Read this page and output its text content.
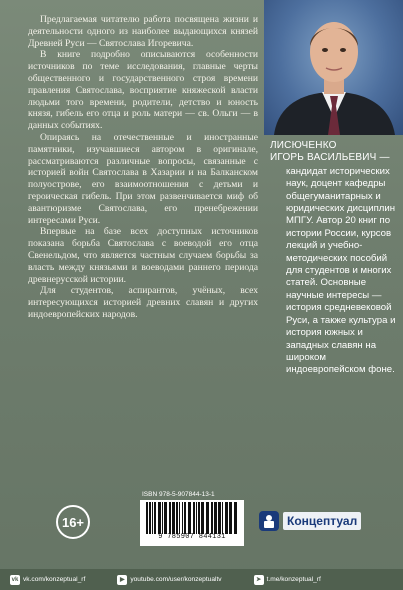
Предлагаемая читателю работа посвящена жизни и деятельности одного из наиболее выдающихся князей Древней Руси — Святослава Игоревича.

В книге подробно описываются особенности источников по теме исследования, главные черты общественного и государственного строя времени правления Святослава, восприятие княжеской власти людьми того времени, родители, детство и юность князя, гибель его отца и роль матери — св. Ольги — в данных событиях.

Опираясь на отечественные и иностранные памятники, изучавшиеся автором в оригинале, рассматриваются различные вопросы, связанные с историей войн Святослава в Хазарии и на Балканском полуострове, его взаимоотношения с детьми и героическая гибель. При этом развенчивается миф об авантюризме Святослава, его пренебрежении интересами Руси.

Впервые на базе всех доступных источников показана борьба Святослава с воеводой его отца Свенельдом, что является частным случаем борьбы за власть между князьями и воеводами раннего периода древнерусской истории.

Для студентов, аспирантов, учёных, всех интересующихся историей древних славян и других индоевропейских народов.

ЛИСЮЧЕНКО
ИГОРЬ ВАСИЛЬЕВИЧ —
кандидат исторических наук, доцент кафедры общегуманитарных и юридических дисциплин МПГУ. Автор 20 книг по истории России, курсов лекций и учебно-методических пособий для студентов и многих статей. Основные научные интересы — история средневековой Руси, а также культура и история южных и западных славян на широком индоевропейском фоне.
ISBN 978-5-907844-13-1
16+
9 785907 844131
Концептуал
vk vk.com/konzeptual_rf	▶ youtube.com/user/konzeptualtv	➤ t.me/konzeptual_rf
